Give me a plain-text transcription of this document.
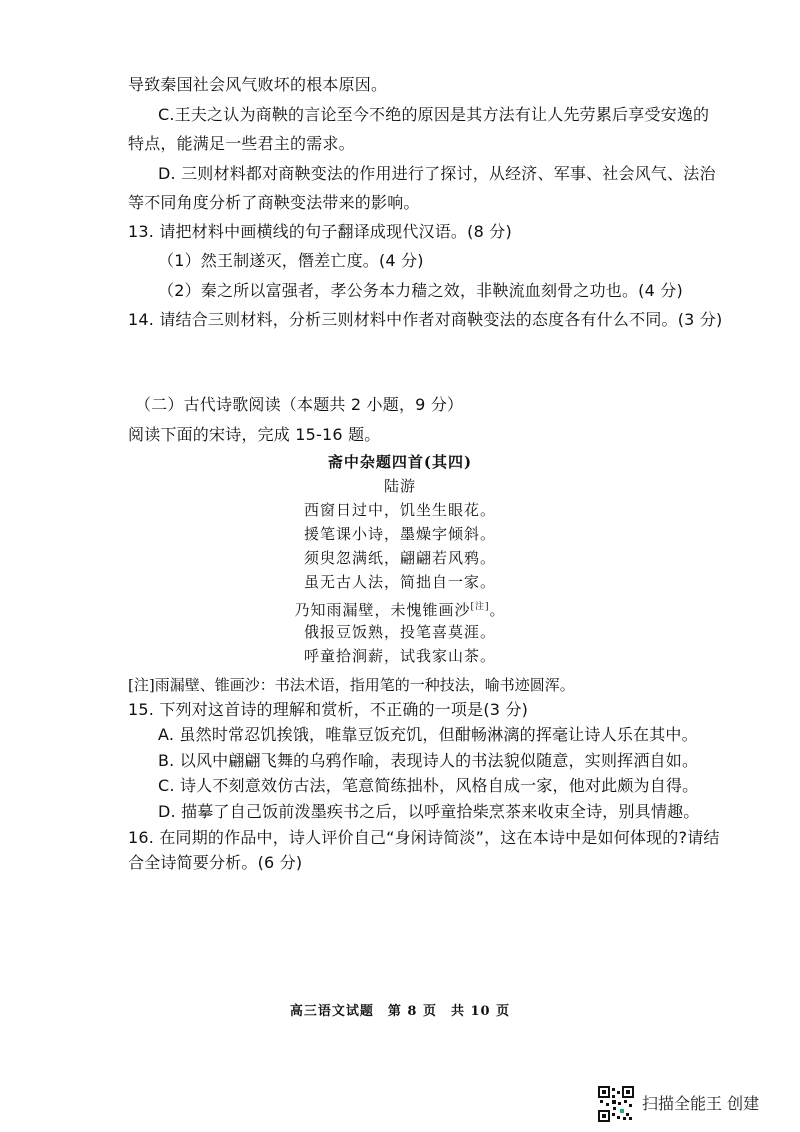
导致秦国社会风气败坏的根本原因。
C.王夫之认为商鞅的言论至今不绝的原因是其方法有让人先劳累后享受安逸的
特点，能满足一些君主的需求。
D. 三则材料都对商鞅变法的作用进行了探讨，从经济、军事、社会风气、法治
等不同角度分析了商鞅变法带来的影响。
13. 请把材料中画横线的句子翻译成现代汉语。(8 分)
（1）然王制遂灭，僭差亡度。(4 分)
（2）秦之所以富强者，孝公务本力穑之效，非鞅流血刻骨之功也。(4 分)
14. 请结合三则材料，分析三则材料中作者对商鞅变法的态度各有什么不同。(3 分)
（二）古代诗歌阅读（本题共 2 小题，9 分）
阅读下面的宋诗，完成 15-16 题。
斋中杂题四首(其四)
陆游
西窗日过中，饥坐生眼花。
援笔课小诗，墨燥字倾斜。
须臾忽满纸，翩翩若风鸦。
虽无古人法，简拙自一家。
乃知雨漏壁，未愧锥画沙[注]。
俄报豆饭熟，投笔喜莫涯。
呼童拾涧薪，试我家山茶。
[注]雨漏壁、锥画沙：书法术语，指用笔的一种技法，喻书迹圆浑。
15. 下列对这首诗的理解和赏析，不正确的一项是(3 分)
A. 虽然时常忍饥挨饿，唯靠豆饭充饥，但酣畅淋漓的挥毫让诗人乐在其中。
B. 以风中翩翩飞舞的乌鸦作喻，表现诗人的书法貌似随意，实则挥洒自如。
C. 诗人不刻意效仿古法，笔意简练拙朴，风格自成一家，他对此颇为自得。
D. 描摹了自己饭前泼墨疾书之后，以呼童拾柴烹茶来收束全诗，别具情趣。
16. 在同期的作品中，诗人评价自己“身闲诗简淡”，这在本诗中是如何体现的?请结
合全诗简要分析。(6 分)
高三语文试题　第 8 页　共 10 页
扫描全能王 创建
